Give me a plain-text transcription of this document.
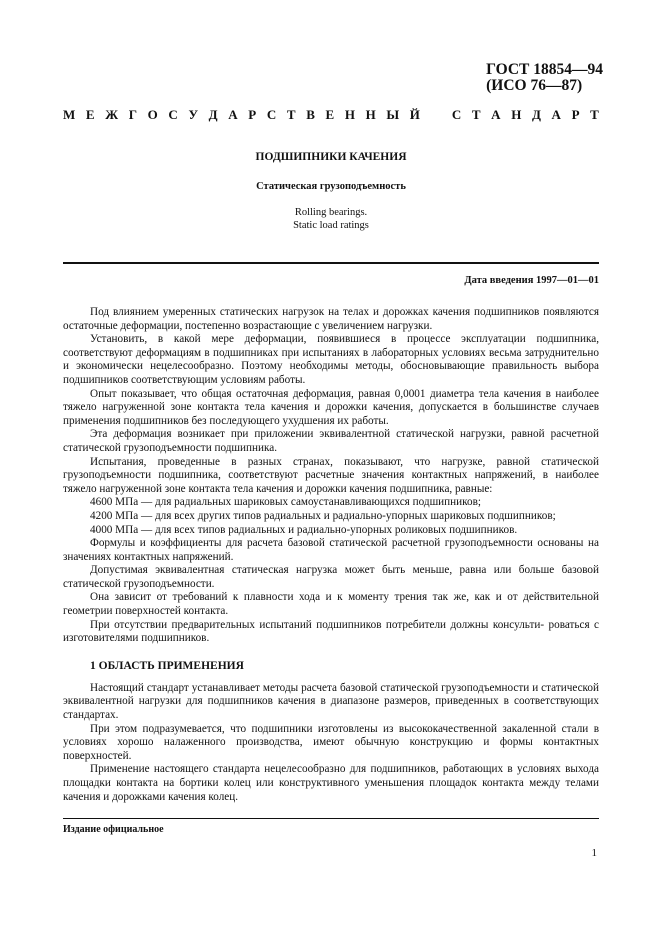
ГОСТ 18854—94
(ИСО 76—87)
М Е Ж Г О С У Д А Р С Т В Е Н Н Ы Й С Т А Н Д А Р Т
ПОДШИПНИКИ КАЧЕНИЯ
Статическая грузоподъемность
Rolling bearings.
Static load ratings
Дата введения 1997—01—01

Под влиянием умеренных статических нагрузок на телах и дорожках качения подшипников появляются остаточные деформации, постепенно возрастающие с увеличением нагрузки.

Установить, в какой мере деформации, появившиеся в процессе эксплуатации подшипника, соответствуют деформациям в подшипниках при испытаниях в лабораторных условиях весьма затруднительно и экономически нецелесообразно. Поэтому необходимы методы, обосновывающие правильность выбора подшипников соответствующим условиям работы.

Опыт показывает, что общая остаточная деформация, равная 0,0001 диаметра тела качения в наиболее тяжело нагруженной зоне контакта тела качения и дорожки качения, допускается в большинстве случаев применения подшипников без последующего ухудшения их работы.

Эта деформация возникает при приложении эквивалентной статической нагрузки, равной расчетной статической грузоподъемности подшипника.

Испытания, проведенные в разных странах, показывают, что нагрузке, равной статической грузоподъемности подшипника, соответствуют расчетные значения контактных напряжений, в наиболее тяжело нагруженной зоне контакта тела качения и дорожки качения подшипника, равные:

4600 МПа — для радиальных шариковых самоустанавливающихся подшипников;

4200 МПа — для всех других типов радиальных и радиально-упорных шариковых подшипников;

4000 МПа — для всех типов радиальных и радиально-упорных роликовых подшипников.

Формулы и коэффициенты для расчета базовой статической расчетной грузоподъемности основаны на значениях контактных напряжений.

Допустимая эквивалентная статическая нагрузка может быть меньше, равна или больше базовой статической грузоподъемности.

Она зависит от требований к плавности хода и к моменту трения так же, как и от действительной геометрии поверхностей контакта.

При отсутствии предварительных испытаний подшипников потребители должны консульти- роваться с изготовителями подшипников.

1 ОБЛАСТЬ ПРИМЕНЕНИЯ

Настоящий стандарт устанавливает методы расчета базовой статической грузоподъемности и статической эквивалентной нагрузки для подшипников качения в диапазоне размеров, приведенных в соответствующих стандартах.

При этом подразумевается, что подшипники изготовлены из высококачественной закаленной стали в условиях хорошо налаженного производства, имеют обычную конструкцию и формы контактных поверхностей.

Применение настоящего стандарта нецелесообразно для подшипников, работающих в условиях выхода площадки контакта на бортики колец или конструктивного уменьшения площадок контакта между телами качения и дорожками качения колец.

Издание официальное
1
